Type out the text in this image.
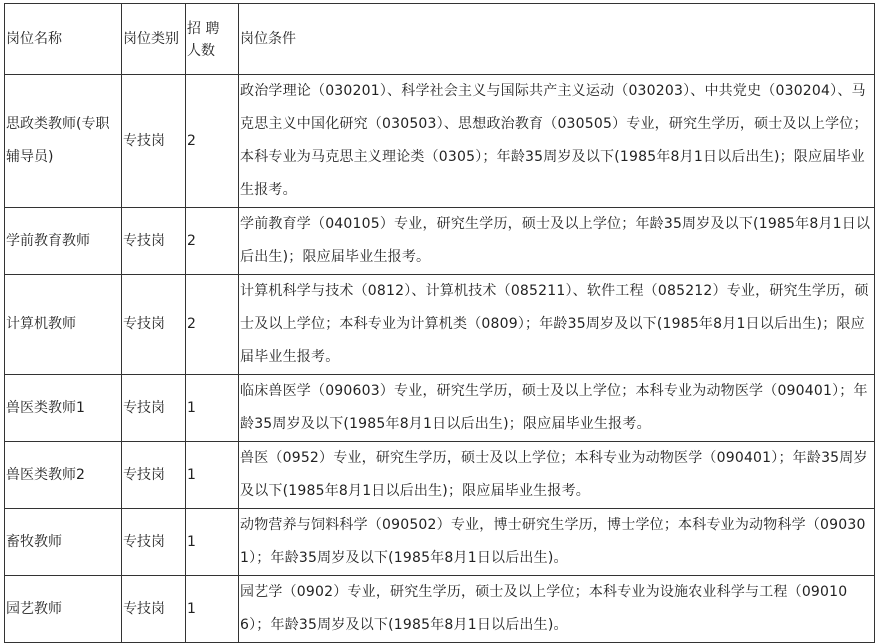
岗位名称	岗位类别	招 聘 人数	岗位条件
思政类教师(专职辅导员)	专技岗	2	政治学理论（030201）、科学社会主义与国际共产主义运动（030203）、中共党史（030204）、马克思主义中国化研究（030503）、思想政治教育（030505）专业，研究生学历，硕士及以上学位；本科专业为马克思主义理论类（0305）；年龄35周岁及以下(1985年8月1日以后出生)；限应届毕业生报考。
学前教育教师	专技岗	2	学前教育学（040105）专业，研究生学历，硕士及以上学位；年龄35周岁及以下(1985年8月1日以后出生)；限应届毕业生报考。
计算机教师	专技岗	2	计算机科学与技术（0812）、计算机技术（085211）、软件工程（085212）专业，研究生学历，硕士及以上学位；本科专业为计算机类（0809）；年龄35周岁及以下(1985年8月1日以后出生)；限应届毕业生报考。
兽医类教师1	专技岗	1	临床兽医学（090603）专业，研究生学历，硕士及以上学位；本科专业为动物医学（090401）；年龄35周岁及以下(1985年8月1日以后出生)；限应届毕业生报考。
兽医类教师2	专技岗	1	兽医（0952）专业，研究生学历，硕士及以上学位；本科专业为动物医学（090401）；年龄35周岁及以下(1985年8月1日以后出生)；限应届毕业生报考。
畜牧教师	专技岗	1	动物营养与饲料科学（090502）专业，博士研究生学历，博士学位；本科专业为动物科学（090301）；年龄35周岁及以下(1985年8月1日以后出生)。
园艺教师	专技岗	1	园艺学（0902）专业，研究生学历，硕士及以上学位；本科专业为设施农业科学与工程（090106）；年龄35周岁及以下(1985年8月1日以后出生)。
